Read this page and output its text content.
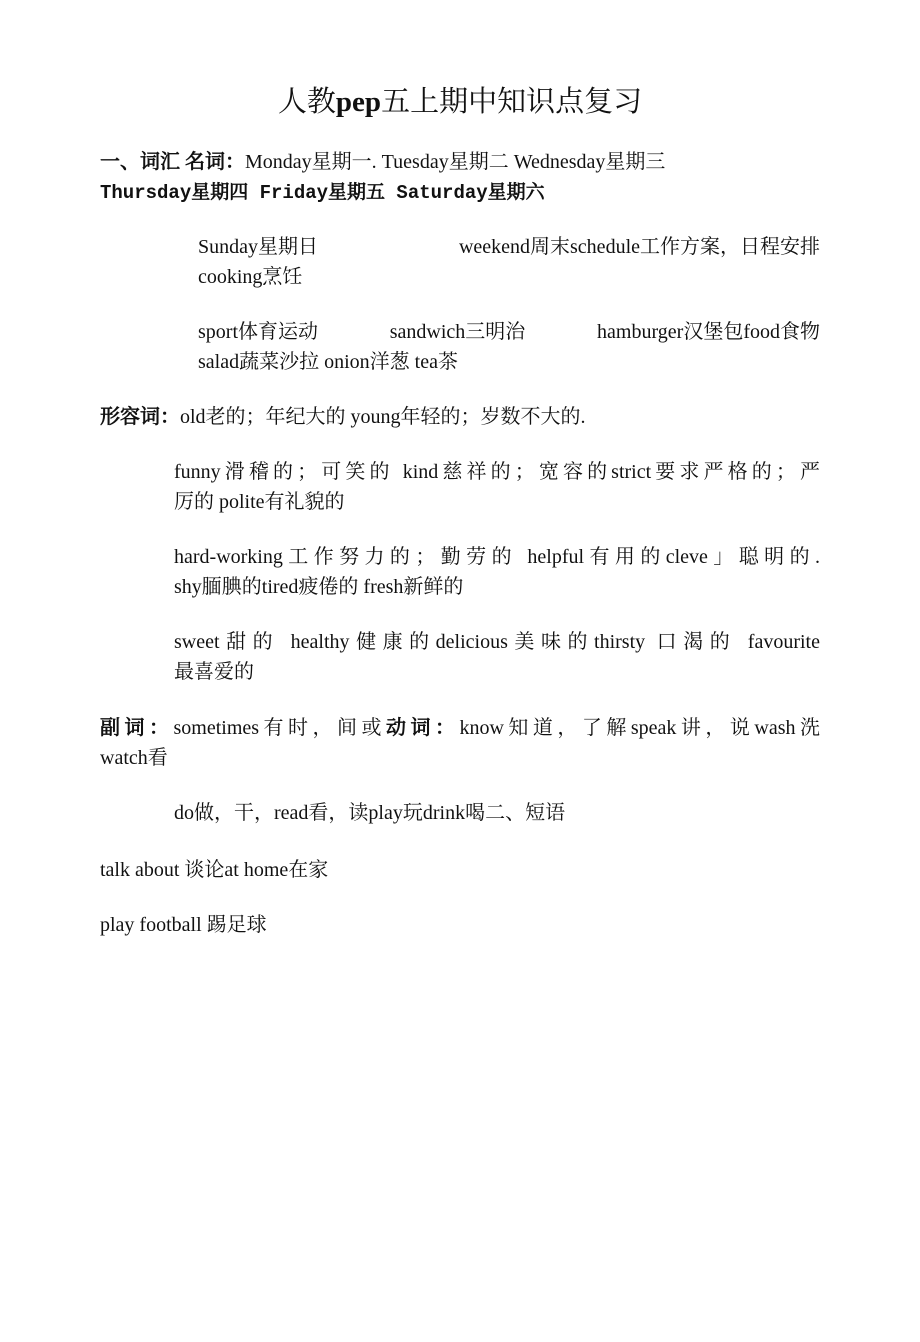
人教pep五上期中知识点复习
一、词汇 名词：Monday星期一. Tuesday星期二 Wednesday星期三
Thursday星期四 Friday星期五 Saturday星期六
Sunday星期日	weekend周末schedule工作方案，日程安排
cooking烹饪
sport体育运动	sandwich三明治	hamburger汉堡包food食物
salad蔬菜沙拉 onion洋葱 tea茶
形容词：old老的；年纪大的 young年轻的；岁数不大的.
funny滑稽的；可笑的 kind慈祥的；宽容的strict要求严格的；严
厉的 polite有礼貌的
hard-working工作努力的；勤劳的 helpful有用的cleve」聪明的.
shy腼腆的tired疲倦的 fresh新鲜的
sweet甜的 healthy健康的delicious美味的thirsty 口渴的 favourite
最喜爱的
副词：sometimes有时，间或动词：know知道，了解speak讲，说wash洗
watch看
do做，干，read看，读play玩drink喝二、短语
talk about 谈论at home在家
play football 踢足球
